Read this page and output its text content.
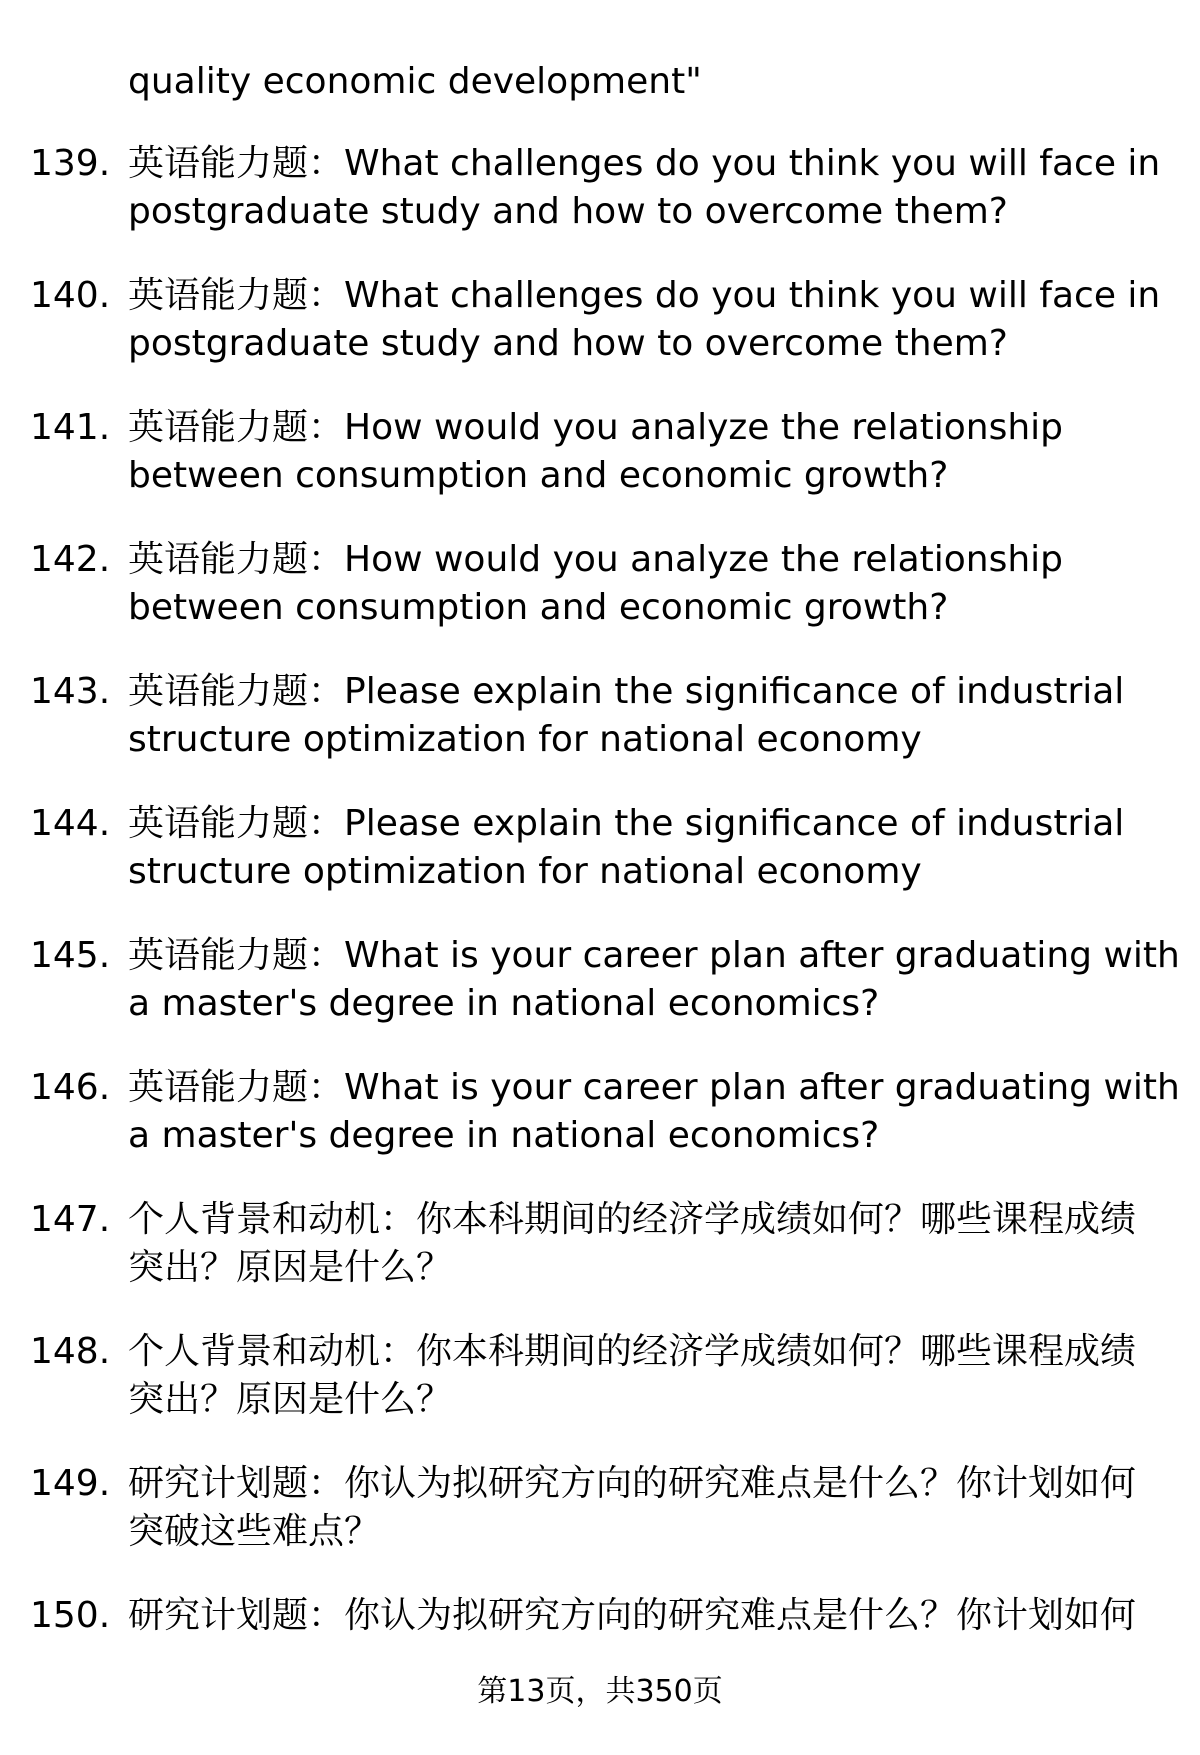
quality economic development"
139. 英语能力题：What challenges do you think you will face in
postgraduate study and how to overcome them?
140. 英语能力题：What challenges do you think you will face in
postgraduate study and how to overcome them?
141. 英语能力题：How would you analyze the relationship
between consumption and economic growth?
142. 英语能力题：How would you analyze the relationship
between consumption and economic growth?
143. 英语能力题：Please explain the significance of industrial
structure optimization for national economy
144. 英语能力题：Please explain the significance of industrial
structure optimization for national economy
145. 英语能力题：What is your career plan after graduating with
a master's degree in national economics?
146. 英语能力题：What is your career plan after graduating with
a master's degree in national economics?
147. 个人背景和动机：你本科期间的经济学成绩如何？哪些课程成绩
突出？原因是什么？
148. 个人背景和动机：你本科期间的经济学成绩如何？哪些课程成绩
突出？原因是什么？
149. 研究计划题：你认为拟研究方向的研究难点是什么？你计划如何
突破这些难点？
150. 研究计划题：你认为拟研究方向的研究难点是什么？你计划如何
第13页，共350页
